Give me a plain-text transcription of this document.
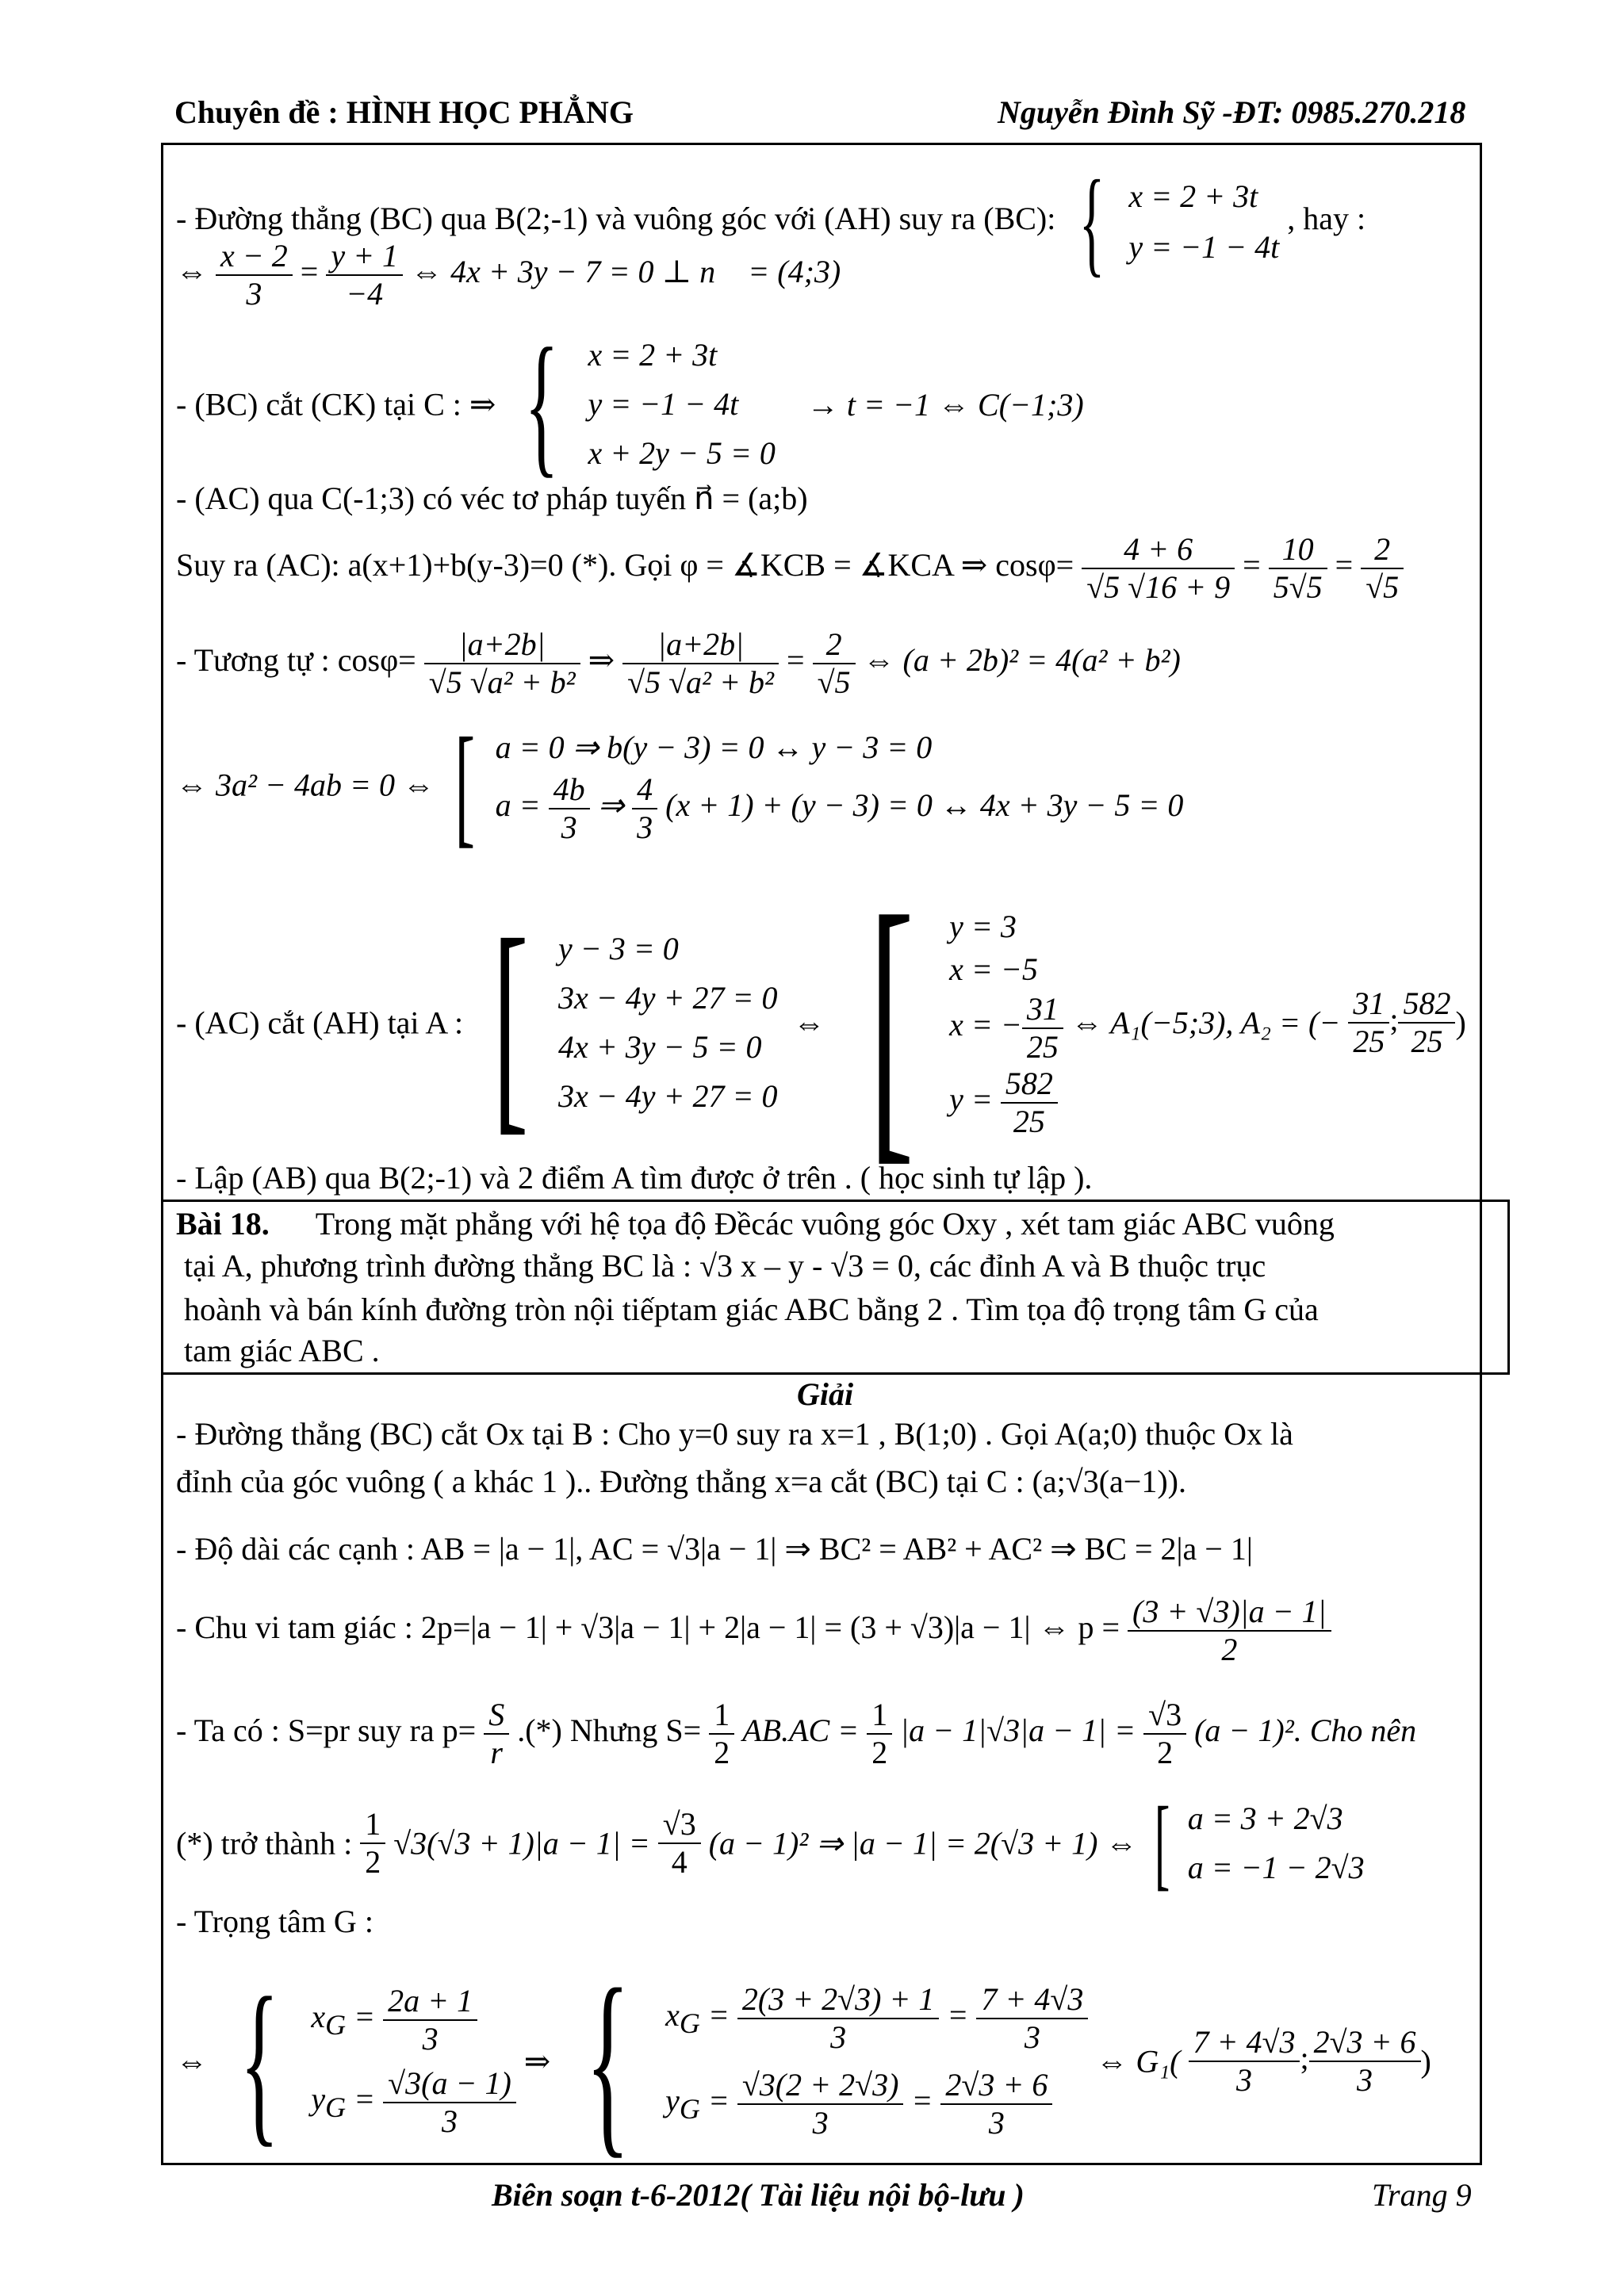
Chuyên đề : HÌNH HỌC PHẲNG	Nguyễn Đình Sỹ -ĐT: 0985.270.218
- Đường thẳng (BC) qua B(2;-1) và vuông góc với (AH) suy ra (BC): { x = 2 + 3t
y = −1 − 4t
, hay :
⇔ $\frac{x - 2}{3} = \frac{y + 1}{-4}$ ⇔ 4x + 3y − 7 = 0 ⊥ n⃗ = (4;3)
- (BC) cắt (CK) tại C : ⇒ { x = 2 + 3t
y = −1 − 4t
x + 2y − 5 = 0
→ t = −1 ⇔ C(−1;3)
- (AC) qua C(-1;3) có véc tơ pháp tuyến n⃗ = (a;b)
Suy ra (AC): a(x+1)+b(y-3)=0 (*). Gọi φ = ∡KCB = ∡KCA ⇒ $\cos\varphi= \frac{4 + 6}{√5 √16 + 9} = \frac{10}{5√5} = \frac{2}{√5}$
- Tương tự : $\cos\varphi= \frac{|a+2b|}{\text{√5 √a² + b²}}$ ⇒ $\frac{|a+2b|}{\text{√5 √a² + b²}} = \frac{2}{√5}$ ⇔ (a + 2b)² = 4(a² + b²)
⇔ 3a² − 4ab = 0 ⇔ [ a = 0 ⇒ b(y − 3) = 0 ↔ y − 3 = 0
$a = \frac{4b}{3}$ ⇒ $\frac{4}{3} (x + 1) + (y - 3) = 0$ ↔ 4x + 3y − 5 = 0
- (AC) cắt (AH) tại A : [ y − 3 = 0
3x − 4y + 27 = 0
4x + 3y − 5 = 0
3x − 4y + 27 = 0
⇔ [ y = 3
x = −5
x = − $\frac{31}{25}$
$y = \frac{582}{25}$
⇔ A₁(−5;3), A₂ = (− $\frac{31}{25}$ ; $\frac{582}{25}$ )
- Lập (AB) qua B(2;-1) và 2 điểm A tìm được ở trên . ( học sinh tự lập ).
Bài 18. Trong mặt phẳng với hệ tọa độ Đềcác vuông góc Oxy , xét tam giác ABC vuông
tại A, phương trình đường thẳng BC là : √3 x – y - √3 = 0, các đỉnh A và B thuộc trục
hoành và bán kính đường tròn nội tiếptam giác ABC bằng 2 . Tìm tọa độ trọng tâm G của
tam giác ABC .
Giải
- Đường thẳng (BC) cắt Ox tại B : Cho y=0 suy ra x=1 , B(1;0) . Gọi A(a;0) thuộc Ox là
đỉnh của góc vuông ( a khác 1 ).. Đường thẳng x=a cắt (BC) tại C : (a;√3(a−1)).
- Độ dài các cạnh : AB = |a − 1|, AC = √3|a − 1| ⇒ BC² = AB² + AC² ⇒ BC = 2|a − 1|
- Chu vi tam giác : 2p=|a − 1| + √3|a − 1| + 2|a − 1| = (3 + √3)|a − 1| ⇔ $p = \frac{(3 + √3)|a - 1|}{2}$
- Ta có : S=pr suy ra $p= \frac{S}{r}$ .(*) Nhưng $S= \frac{1}{2} AB.AC = \frac{1}{2} |a - 1|√3|a - 1| = \frac{√3}{2} (a - 1)^2$. Cho nên
(*) trở thành : $\frac{1}{2} √3(√3 + 1)|a - 1| = \frac{√3}{4} (a - 1)^2$ ⇒ |a − 1| = 2(√3 + 1) ⇔ [ a = 3 + 2√3
a = −1 − 2√3
- Trọng tâm G :
⇔ { $x_G = \frac{2a + 1}{3}$
$y_G = \frac{√3(a - 1)}{3}$
⇒ { $x_G = \frac{2(3 + 2√3) + 1}{3} = \frac{7 + 4√3}{3}$
$y_G = \frac{√3(2 + 2√3)}{3} = \frac{2√3 + 6}{3}$
⇔ $G_1( \frac{7 + 4√3}{3}$ ; $\frac{2√3 + 6}{3}$ )
Biên soạn t-6-2012( Tài liệu nội bộ-lưu )	Trang 9
